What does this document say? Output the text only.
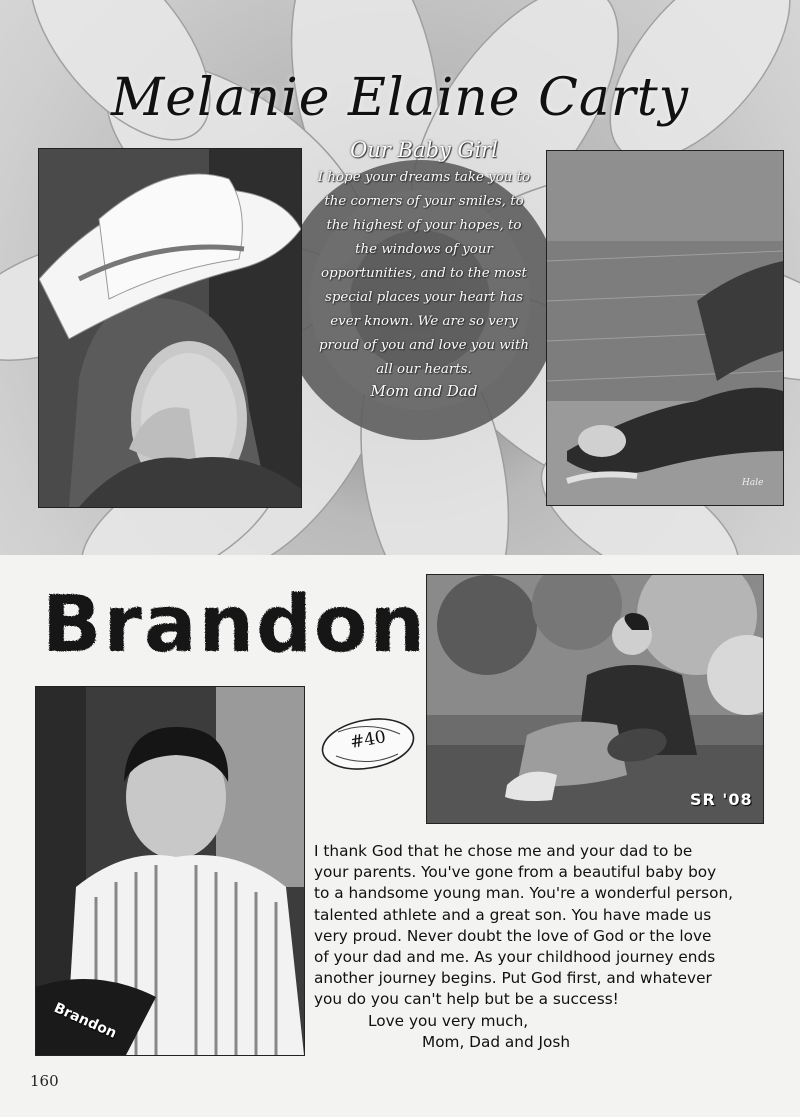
Melanie Elaine Carty
Hale
Our Baby Girl
I hope your dreams take you to
the corners of your smiles, to
the highest of your hopes, to
the windows of your
opportunities, and to the most
special places your heart has
ever known. We are so very
proud of you and love you with
all our hearts.
Mom and Dad
Brandon
SR '08
#40
Brandon
I thank God that he chose me and your dad to be
your parents. You've gone from a beautiful baby boy
to a handsome young man. You're a wonderful person,
talented athlete and a great son. You have made us
very proud. Never doubt the love of God or the love
of your dad and me. As your childhood journey ends
another journey begins. Put God first, and whatever
you do you can't help but be a success!
Love you very much,
Mom, Dad and Josh
160
